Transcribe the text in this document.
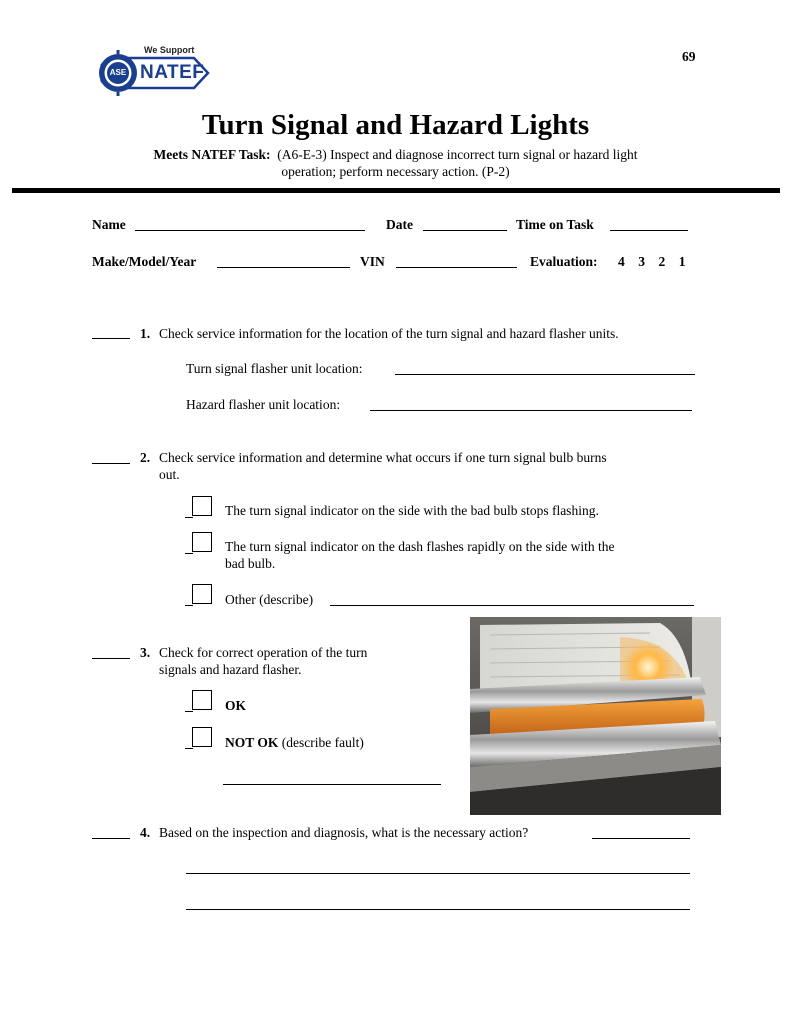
69
We Support
ASE NATEF
Turn Signal and Hazard Lights
Meets NATEF Task: (A6-E-3) Inspect and diagnose incorrect turn signal or hazard light
operation; perform necessary action. (P-2)
Name	Date	Time on Task
Make/Model/Year	VIN	Evaluation: 4    3    2    1
1. Check service information for the location of the turn signal and hazard flasher units.
Turn signal flasher unit location:
Hazard flasher unit location:
2. Check service information and determine what occurs if one turn signal bulb burns
out.
The turn signal indicator on the side with the bad bulb stops flashing.
The turn signal indicator on the dash flashes rapidly on the side with the
bad bulb.
Other (describe)
3. Check for correct operation of the turn
signals and hazard flasher.
OK
NOT OK (describe fault)
4. Based on the inspection and diagnosis, what is the necessary action?
